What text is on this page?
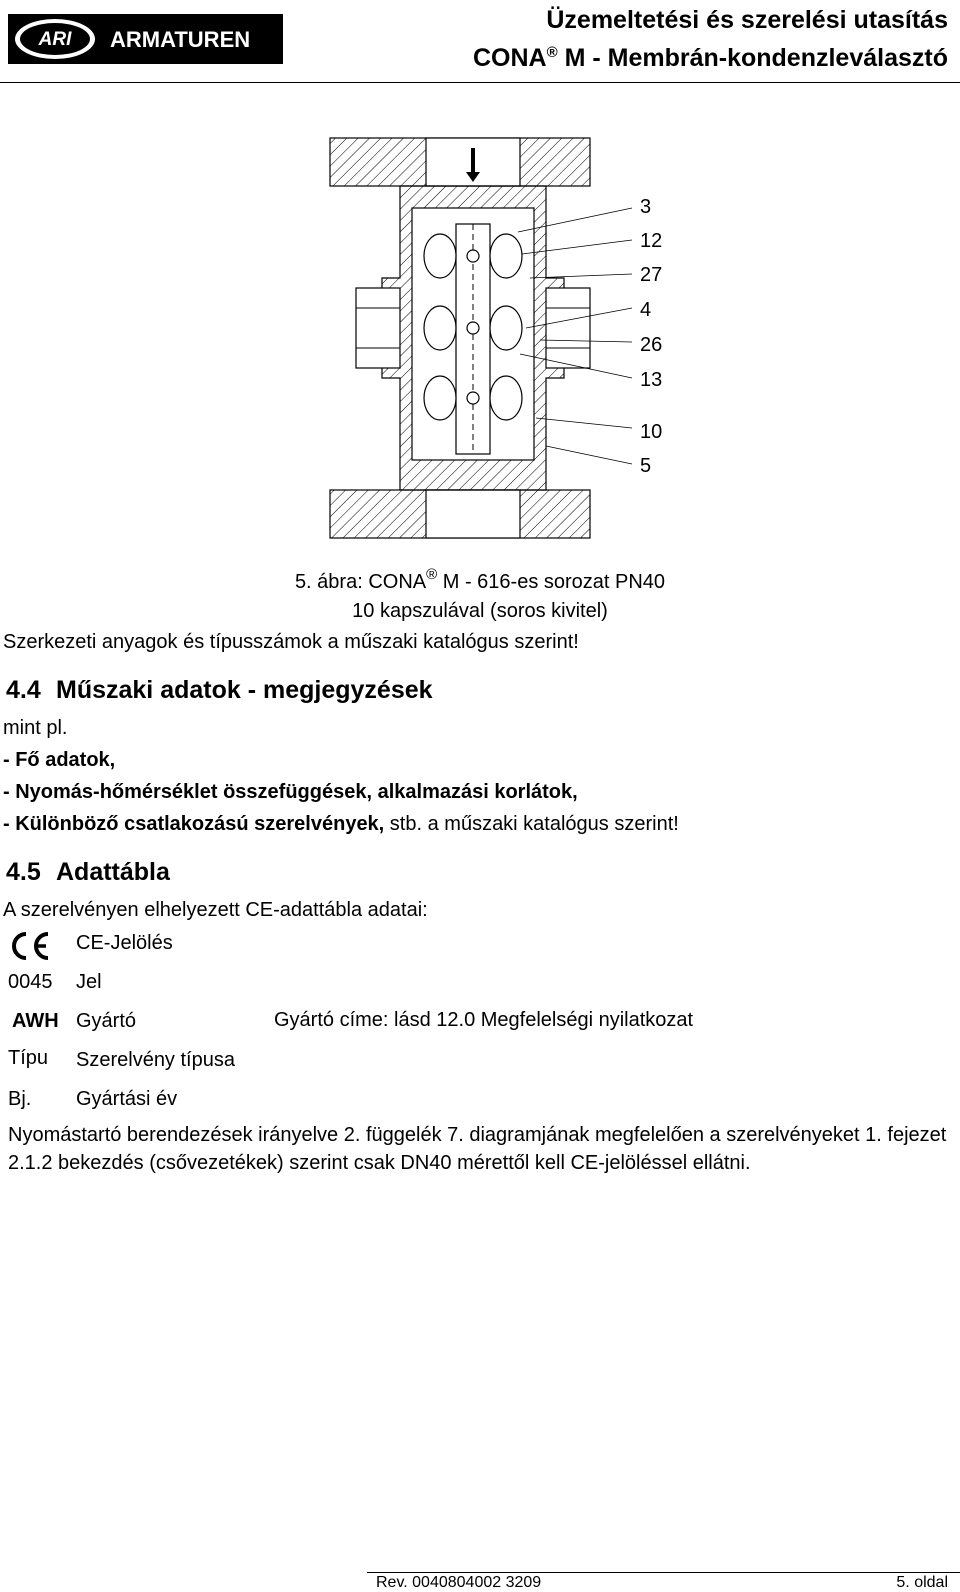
ARI ARMATUREN
Üzemeltetési és szerelési utasítás
CONA® M - Membrán-kondenzleválasztó
3
12
27
4
26
13
10
5
5. ábra: CONA® M - 616-es sorozat PN40
10 kapszulával (soros kivitel)
Szerkezeti anyagok és típusszámok a műszaki katalógus szerint!
4.4 Műszaki adatok - megjegyzések
mint pl.
- Fő adatok,
- Nyomás-hőmérséklet összefüggések, alkalmazási korlátok,
- Különböző csatlakozású szerelvények, stb. a műszaki katalógus szerint!
4.5 Adattábla
A szerelvényen elhelyezett CE-adattábla adatai:
CE-Jelölés
0045 Jel
AWH Gyártó	Gyártó címe: lásd 12.0 Megfelelségi nyilatkozat
Típu Szerelvény típusa
Bj. Gyártási év
Nyomástartó berendezések irányelve 2. függelék 7. diagramjának megfelelően a szerelvényeket 1. fejezet 2.1.2 bekezdés (csővezetékek) szerint csak DN40 mérettől kell CE-jelöléssel ellátni.
Rev. 0040804002 3209	5. oldal
